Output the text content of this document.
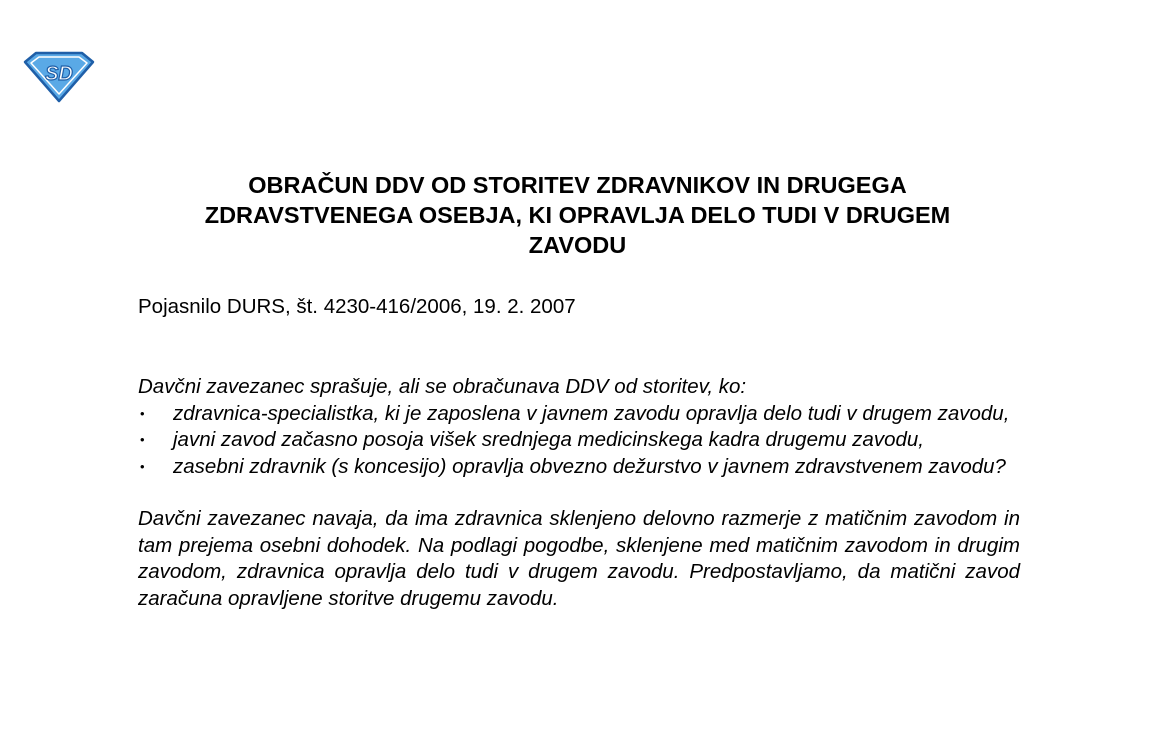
SD
OBRAČUN DDV OD STORITEV ZDRAVNIKOV IN DRUGEGA
ZDRAVSTVENEGA OSEBJA, KI OPRAVLJA DELO TUDI V DRUGEM
ZAVODU

Pojasnilo DURS, št. 4230-416/2006, 19. 2. 2007

Davčni zavezanec sprašuje, ali se obračunava DDV od storitev, ko:

• zdravnica-specialistka, ki je zaposlena v javnem zavodu opravlja delo tudi v drugem zavodu,
• javni zavod začasno posoja višek srednjega medicinskega kadra drugemu zavodu,
• zasebni zdravnik (s koncesijo) opravlja obvezno dežurstvo v javnem zdravstvenem zavodu?

Davčni zavezanec navaja, da ima zdravnica sklenjeno delovno razmerje z matičnim zavodom in tam prejema osebni dohodek. Na podlagi pogodbe, sklenjene med matičnim zavodom in drugim zavodom, zdravnica opravlja delo tudi v drugem zavodu. Predpostavljamo, da matični zavod zaračuna opravljene storitve drugemu zavodu.
